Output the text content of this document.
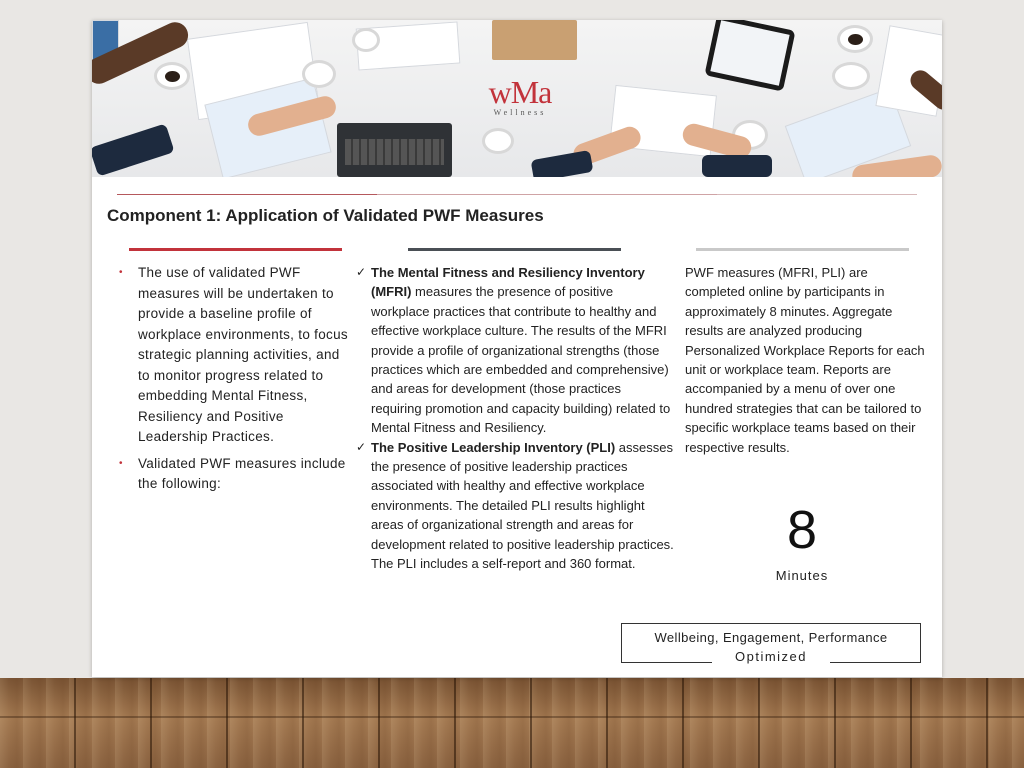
wMa
Wellness
Component 1: Application of Validated PWF Measures
•	The use of validated PWF measures will be undertaken to provide a baseline profile of workplace environments, to focus strategic planning activities, and to monitor progress related to embedding Mental Fitness, Resiliency and Positive Leadership Practices.
•	Validated PWF measures include the following:
✓ The Mental Fitness and Resiliency Inventory (MFRI) measures the presence of positive workplace practices that contribute to healthy and effective workplace culture. The results of the MFRI provide a profile of organizational strengths (those practices which are embedded and comprehensive) and areas for development (those practices requiring promotion and capacity building) related to Mental Fitness and Resiliency.
✓ The Positive Leadership Inventory (PLI) assesses the presence of positive leadership practices associated with healthy and effective workplace environments. The detailed PLI results highlight areas of organizational strength and areas for development related to positive leadership practices. The PLI includes a self-report and 360 format.
PWF measures (MFRI, PLI) are completed online by participants in approximately 8 minutes. Aggregate results are analyzed producing Personalized Workplace Reports for each unit or workplace team. Reports are accompanied by a menu of over one hundred strategies that can be tailored to specific workplace teams based on their respective results.
8
Minutes
Wellbeing, Engagement, Performance
Optimized
